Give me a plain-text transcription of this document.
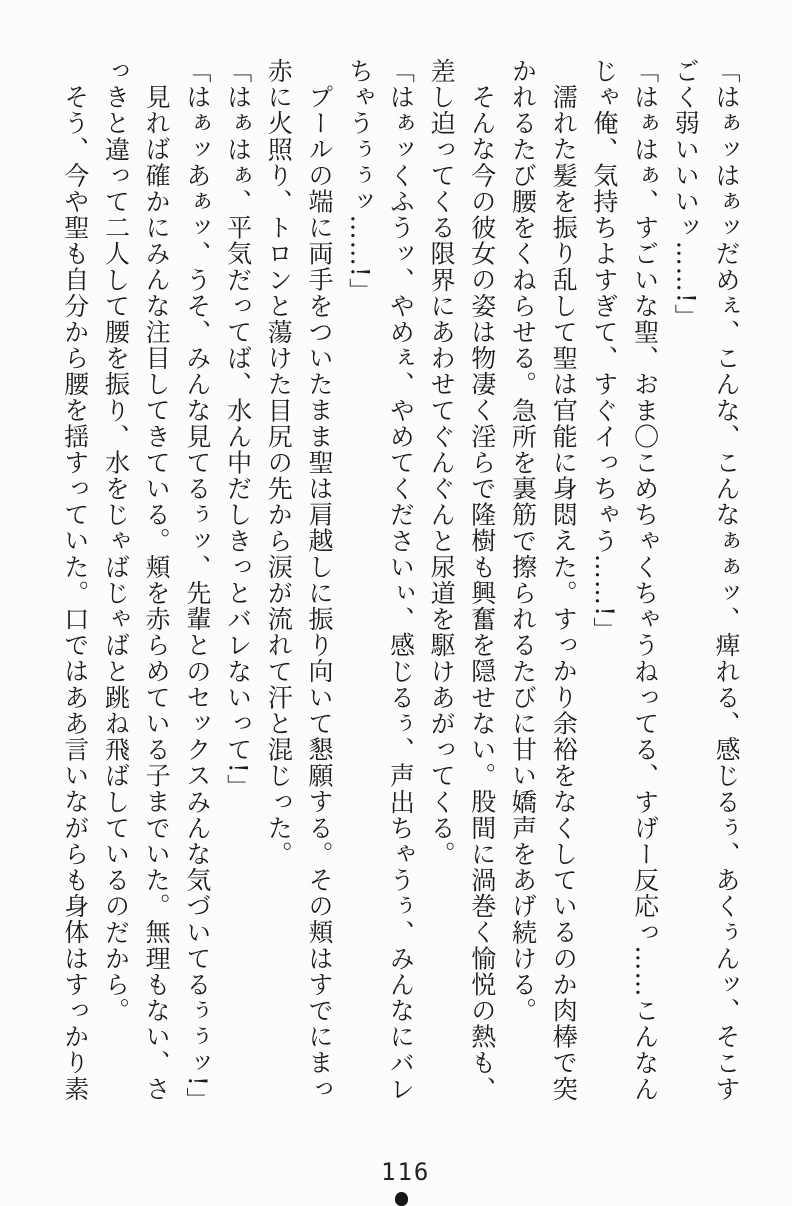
「はぁッはぁッだめぇ、こんな、こんなぁぁッ、痺れる、感じるぅ、あくぅんッ、そこす
ごく弱いいいッ……!」
「はぁはぁ、すごいな聖、おま〇こめちゃくちゃうねってる、すげー反応っ……こんなん
じゃ俺、気持ちよすぎて、すぐイっちゃう……!」
濡れた髪を振り乱して聖は官能に身悶えた。すっかり余裕をなくしているのか肉棒で突
かれるたび腰をくねらせる。急所を裏筋で擦られるたびに甘い嬌声をあげ続ける。
そんな今の彼女の姿は物凄く淫らで隆樹も興奮を隠せない。股間に渦巻く愉悦の熱も、
差し迫ってくる限界にあわせてぐんぐんと尿道を駆けあがってくる。
「はぁッくふうッ、やめぇ、やめてくださいぃ、感じるぅ、声出ちゃうぅ、みんなにバレ
ちゃうぅぅッ……!」
プールの端に両手をついたまま聖は肩越しに振り向いて懇願する。その頬はすでにまっ
赤に火照り、トロンと蕩けた目尻の先から涙が流れて汗と混じった。
「はぁはぁ、平気だってば、水ん中だしきっとバレないって!」
「はぁッあぁッ、うそ、みんな見てるぅッ、先輩とのセックスみんな気づいてるぅぅッ!」
見れば確かにみんな注目してきている。頬を赤らめている子までいた。無理もない、さ
っきと違って二人して腰を振り、水をじゃばじゃばと跳ね飛ばしているのだから。
そう、今や聖も自分から腰を揺すっていた。口ではああ言いながらも身体はすっかり素
116
